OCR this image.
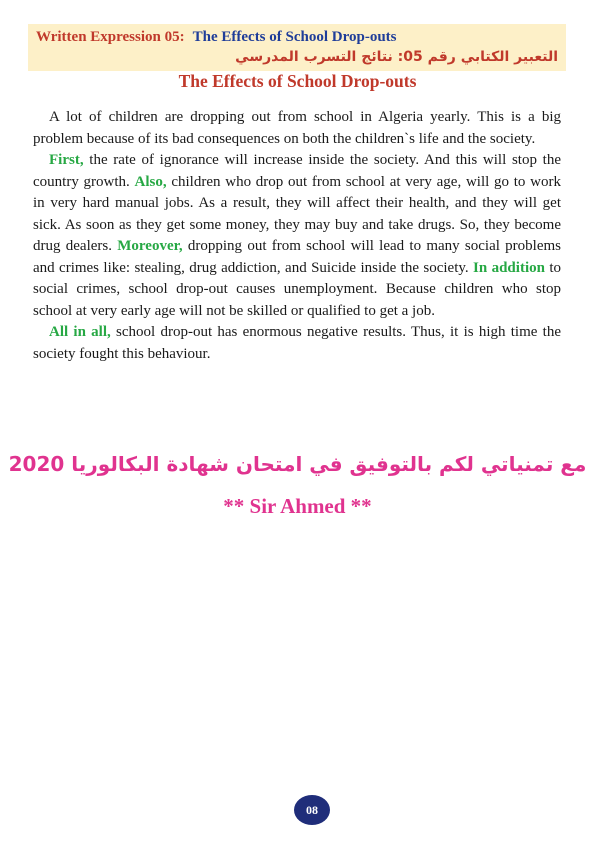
Written Expression 05: The Effects of School Drop-outs
التعبير الكتابي رقم 05: نتائج التسرب المدرسي
The Effects of School Drop-outs

A lot of children are dropping out from school in Algeria yearly. This is a big problem because of its bad consequences on both the children`s life and the society.

First, the rate of ignorance will increase inside the society. And this will stop the country growth. Also, children who drop out from school at very age, will go to work in very hard manual jobs. As a result, they will affect their health, and they will get sick. As soon as they get some money, they may buy and take drugs. So, they become drug dealers. Moreover, dropping out from school will lead to many social problems and crimes like: stealing, drug addiction, and Suicide inside the society. In addition to social crimes, school drop-out causes unemployment. Because children who stop school at very early age will not be skilled or qualified to get a job.

All in all, school drop-out has enormous negative results. Thus, it is high time the society fought this behaviour.

مع تمنياتي لكم بالتوفيق في امتحان شهادة البكالوريا 2020
** Sir Ahmed **
08
